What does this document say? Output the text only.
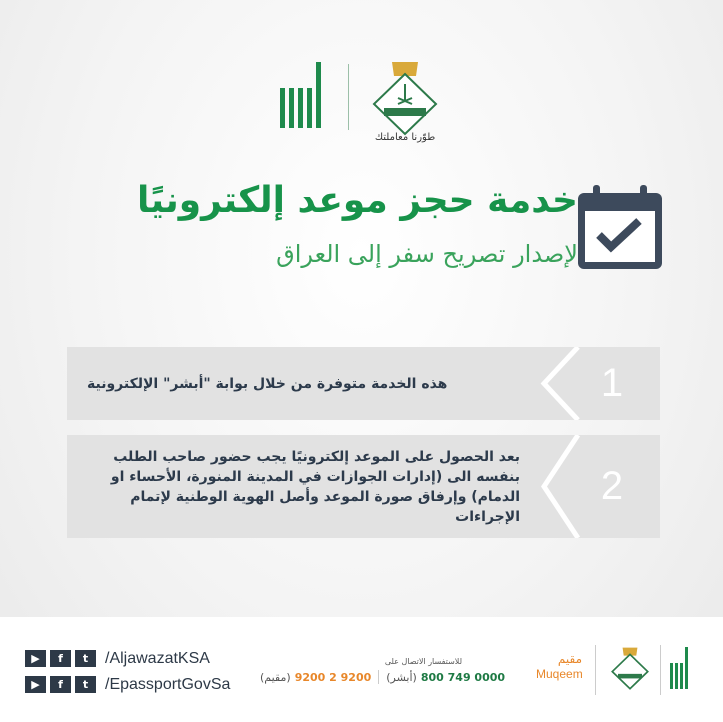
طوّرنا معاملتك
خدمة حجز موعد إلكترونيًا
لإصدار تصريح سفر إلى العراق
1
هذه الخدمة متوفرة من خلال بوابة "أبشر" الإلكترونية
2
بعد الحصول على الموعد إلكترونيًا يجب حضور صاحب الطلب بنفسه الى (إدارات الجوازات في المدينة المنورة، الأحساء او الدمام) وإرفاق صورة الموعد وأصل الهوية الوطنية لإتمام الإجراءات
▶	f	t	/AljawazatKSA
▶	f	t	/EpassportGovSa
للاستفسار الاتصال على
(مقيم) 9200 2 9200 (أبشر) 800 749 0000
مقيم
Muqeem
